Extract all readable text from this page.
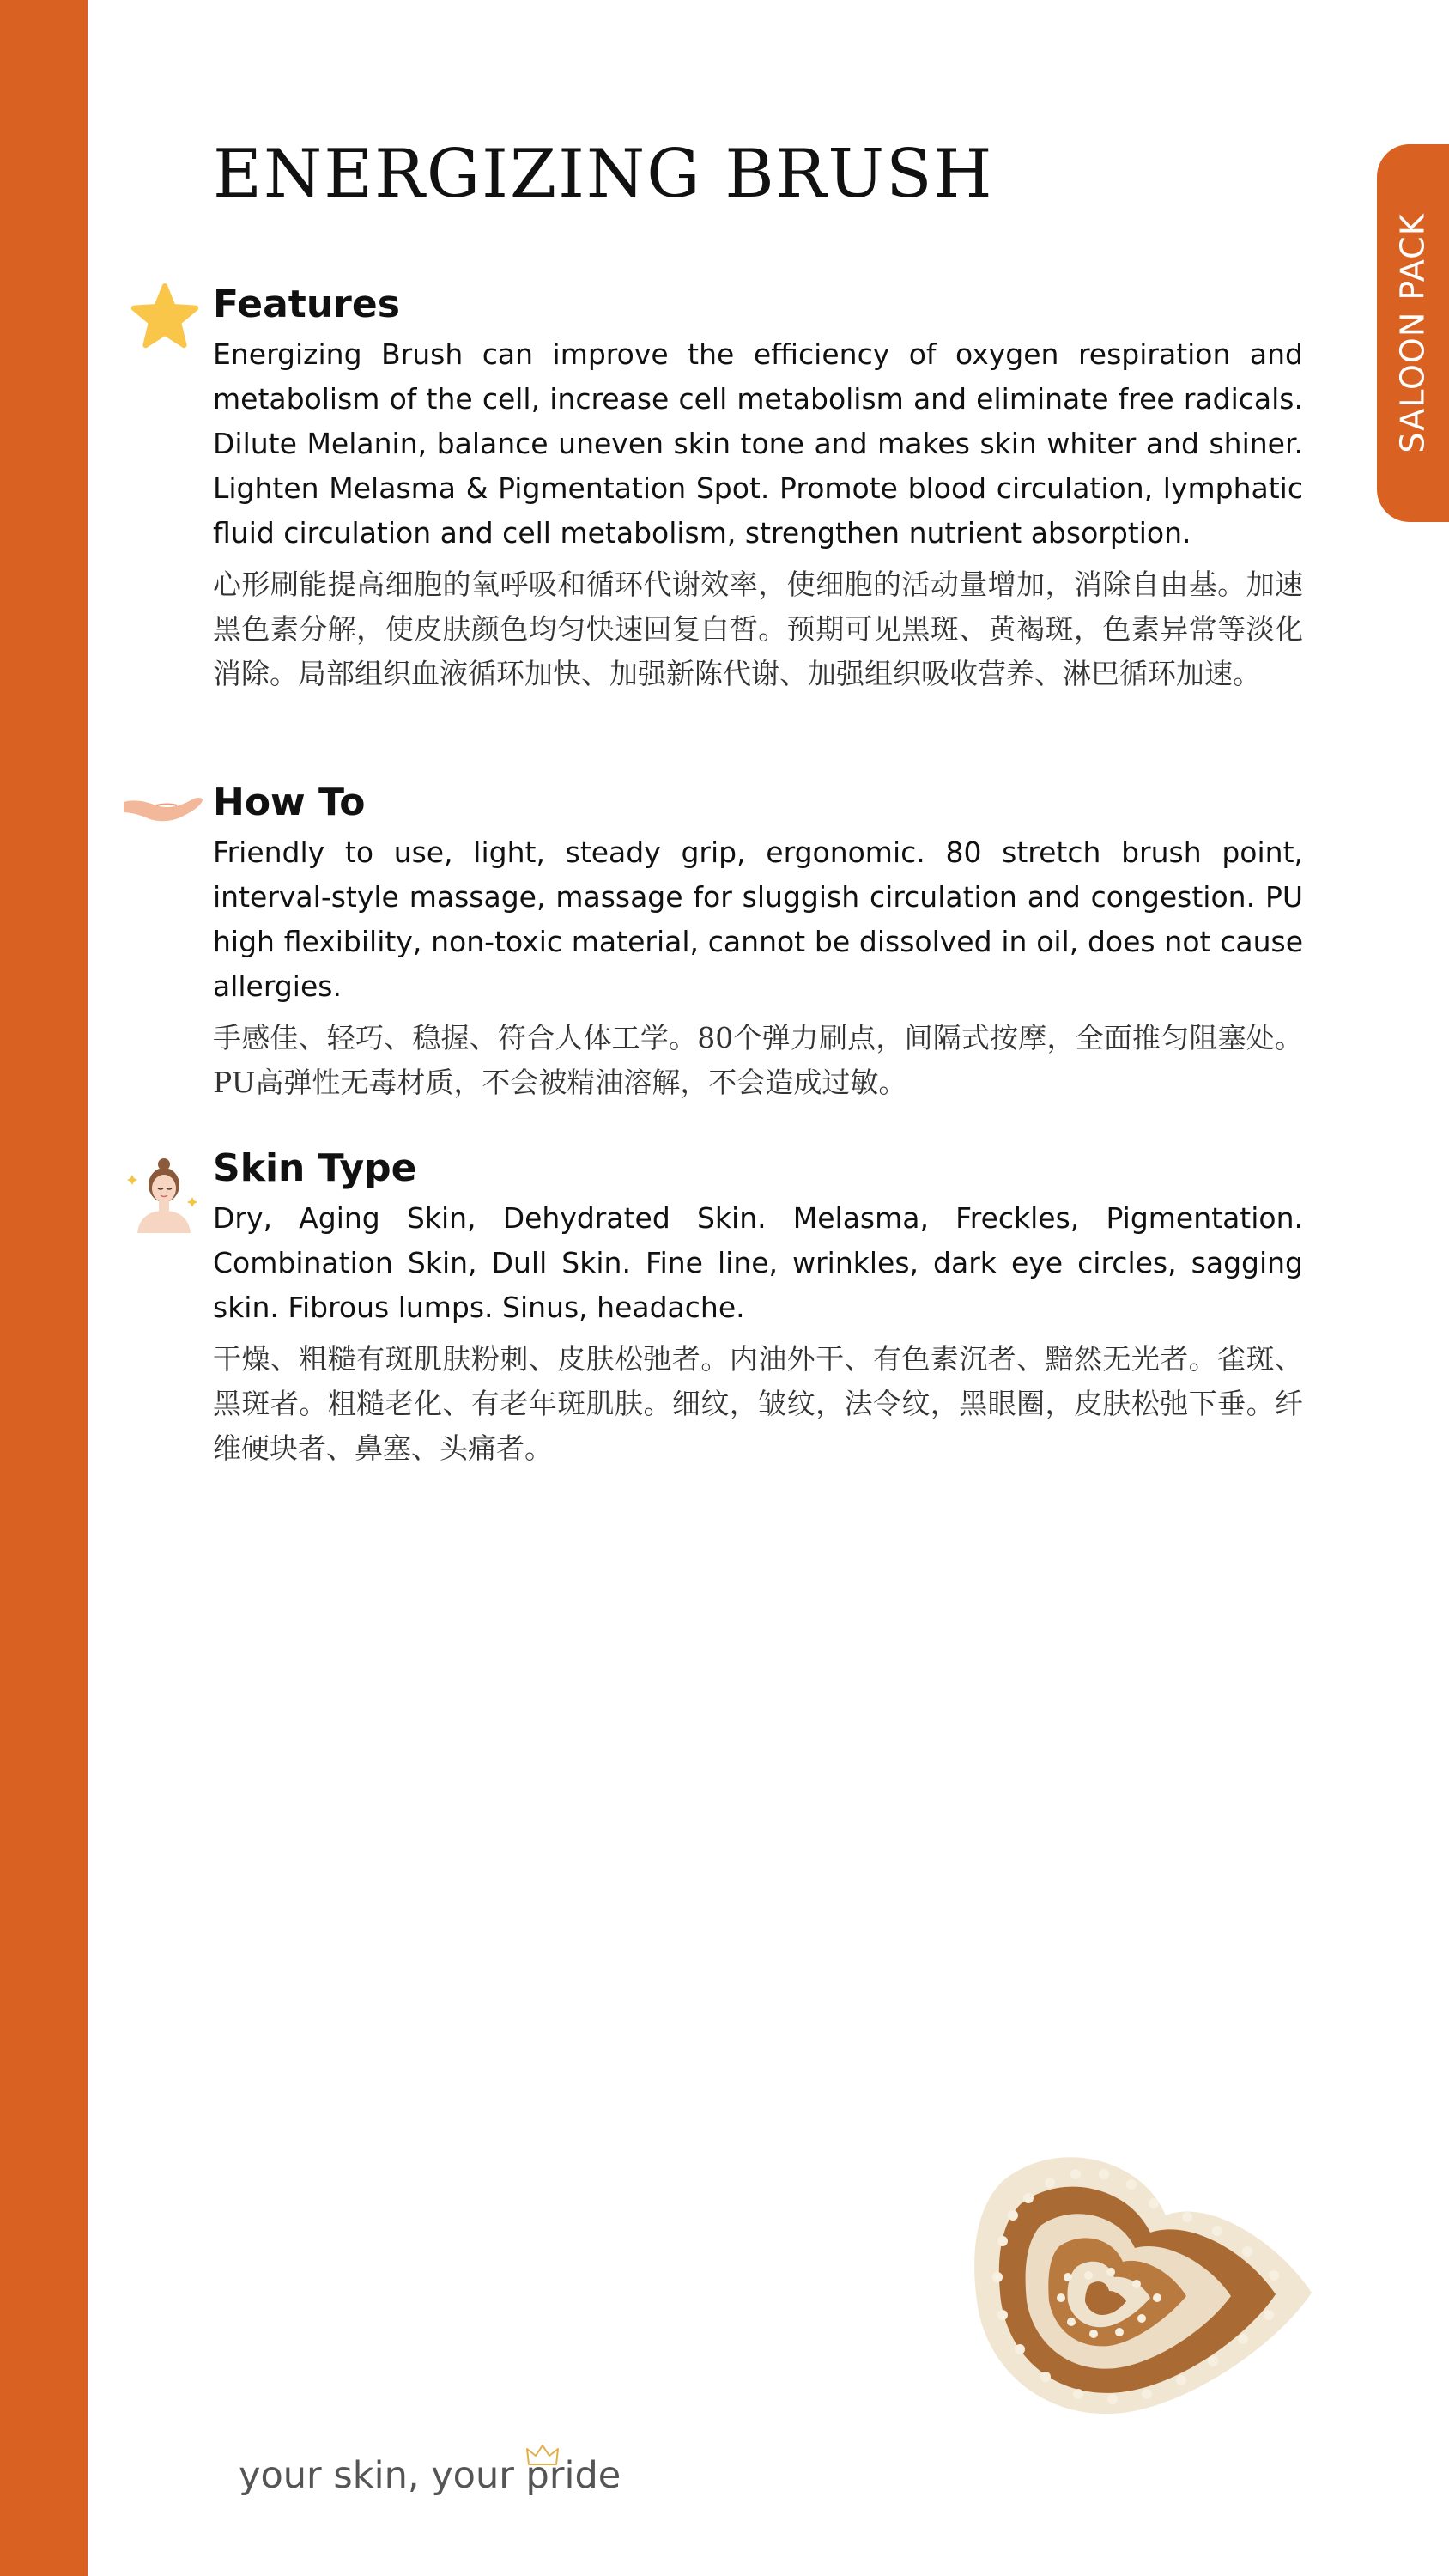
SALOON PACK
ENERGIZING BRUSH
Features

Energizing Brush can improve the efficiency of oxygen respiration and metabolism of the cell, increase cell metabolism and eliminate free radicals. Dilute Melanin, balance uneven skin tone and makes skin whiter and shiner. Lighten Melasma & Pigmentation Spot. Promote blood circulation, lymphatic fluid circulation and cell metabolism, strengthen nutrient absorption.

心形刷能提高细胞的氧呼吸和循环代谢效率，使细胞的活动量增加，消除自由基。加速黑色素分解，使皮肤颜色均匀快速回复白皙。预期可见黑斑、黄褐斑，色素异常等淡化消除。局部组织血液循环加快、加强新陈代谢、加强组织吸收营养、淋巴循环加速。

How To

Friendly to use, light, steady grip, ergonomic. 80 stretch brush point, interval-style massage, massage for sluggish circulation and congestion. PU high flexibility, non-toxic material, cannot be dissolved in oil, does not cause allergies.

手感佳、轻巧、稳握、符合人体工学。80个弹力刷点，间隔式按摩，全面推匀阻塞处。PU高弹性无毒材质，不会被精油溶解，不会造成过敏。

Skin Type

Dry, Aging Skin, Dehydrated Skin. Melasma, Freckles, Pigmentation. Combination Skin, Dull Skin. Fine line, wrinkles, dark eye circles, sagging skin. Fibrous lumps. Sinus, headache.

干燥、粗糙有斑肌肤粉刺、皮肤松弛者。内油外干、有色素沉者、黯然无光者。雀斑、黑斑者。粗糙老化、有老年斑肌肤。细纹，皱纹，法令纹，黑眼圈，皮肤松弛下垂。纤维硬块者、鼻塞、头痛者。

your skin, your pride
